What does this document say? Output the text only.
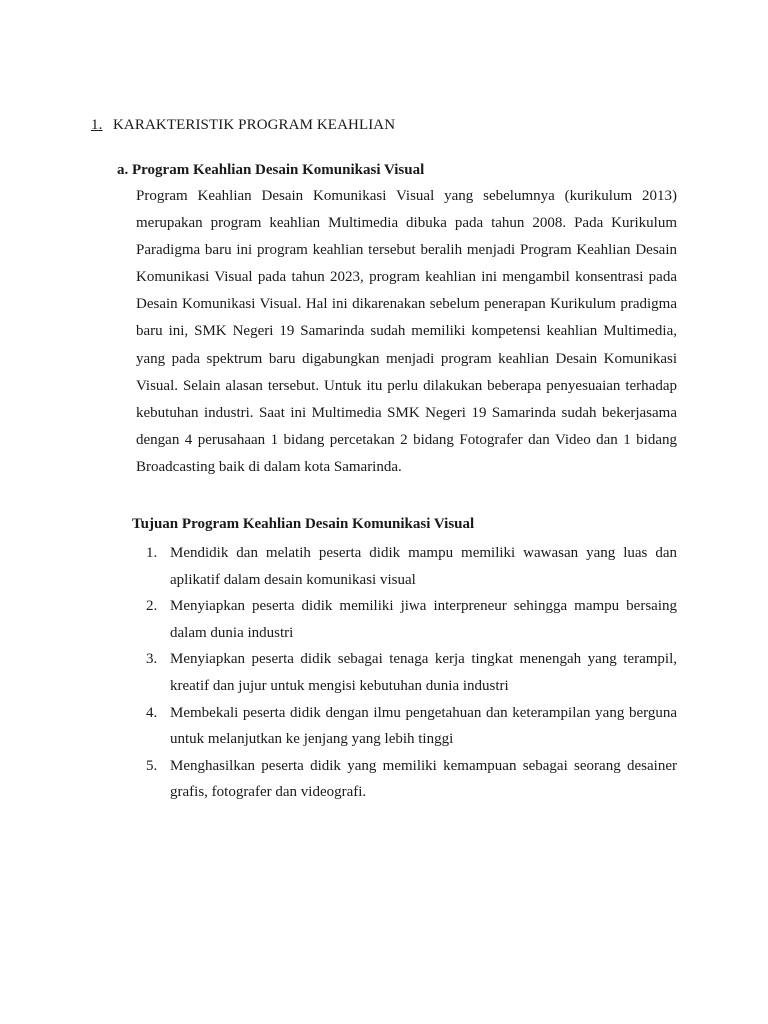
1. KARAKTERISTIK PROGRAM KEAHLIAN
a. Program Keahlian Desain Komunikasi Visual

Program Keahlian Desain Komunikasi Visual yang sebelumnya (kurikulum 2013) merupakan program keahlian Multimedia dibuka pada tahun 2008. Pada Kurikulum Paradigma baru ini program keahlian tersebut beralih menjadi Program Keahlian Desain Komunikasi Visual pada tahun 2023, program keahlian ini mengambil konsentrasi pada Desain Komunikasi Visual. Hal ini dikarenakan sebelum penerapan Kurikulum pradigma baru ini, SMK Negeri 19 Samarinda sudah memiliki kompetensi keahlian Multimedia, yang pada spektrum baru digabungkan menjadi program keahlian Desain Komunikasi Visual. Selain alasan tersebut. Untuk itu perlu dilakukan beberapa penyesuaian terhadap kebutuhan industri. Saat ini Multimedia SMK Negeri 19 Samarinda sudah bekerjasama dengan 4 perusahaan 1 bidang percetakan 2 bidang Fotografer dan Video dan 1 bidang Broadcasting baik di dalam kota Samarinda.

Tujuan Program Keahlian Desain Komunikasi Visual
1. Mendidik dan melatih peserta didik mampu memiliki wawasan yang luas dan aplikatif dalam desain komunikasi visual
2. Menyiapkan peserta didik memiliki jiwa interpreneur sehingga mampu bersaing dalam dunia industri
3. Menyiapkan peserta didik sebagai tenaga kerja tingkat menengah yang terampil, kreatif dan jujur untuk mengisi kebutuhan dunia industri
4. Membekali peserta didik dengan ilmu pengetahuan dan keterampilan yang berguna untuk melanjutkan ke jenjang yang lebih tinggi
5. Menghasilkan peserta didik yang memiliki kemampuan sebagai seorang desainer grafis, fotografer dan videografi.
